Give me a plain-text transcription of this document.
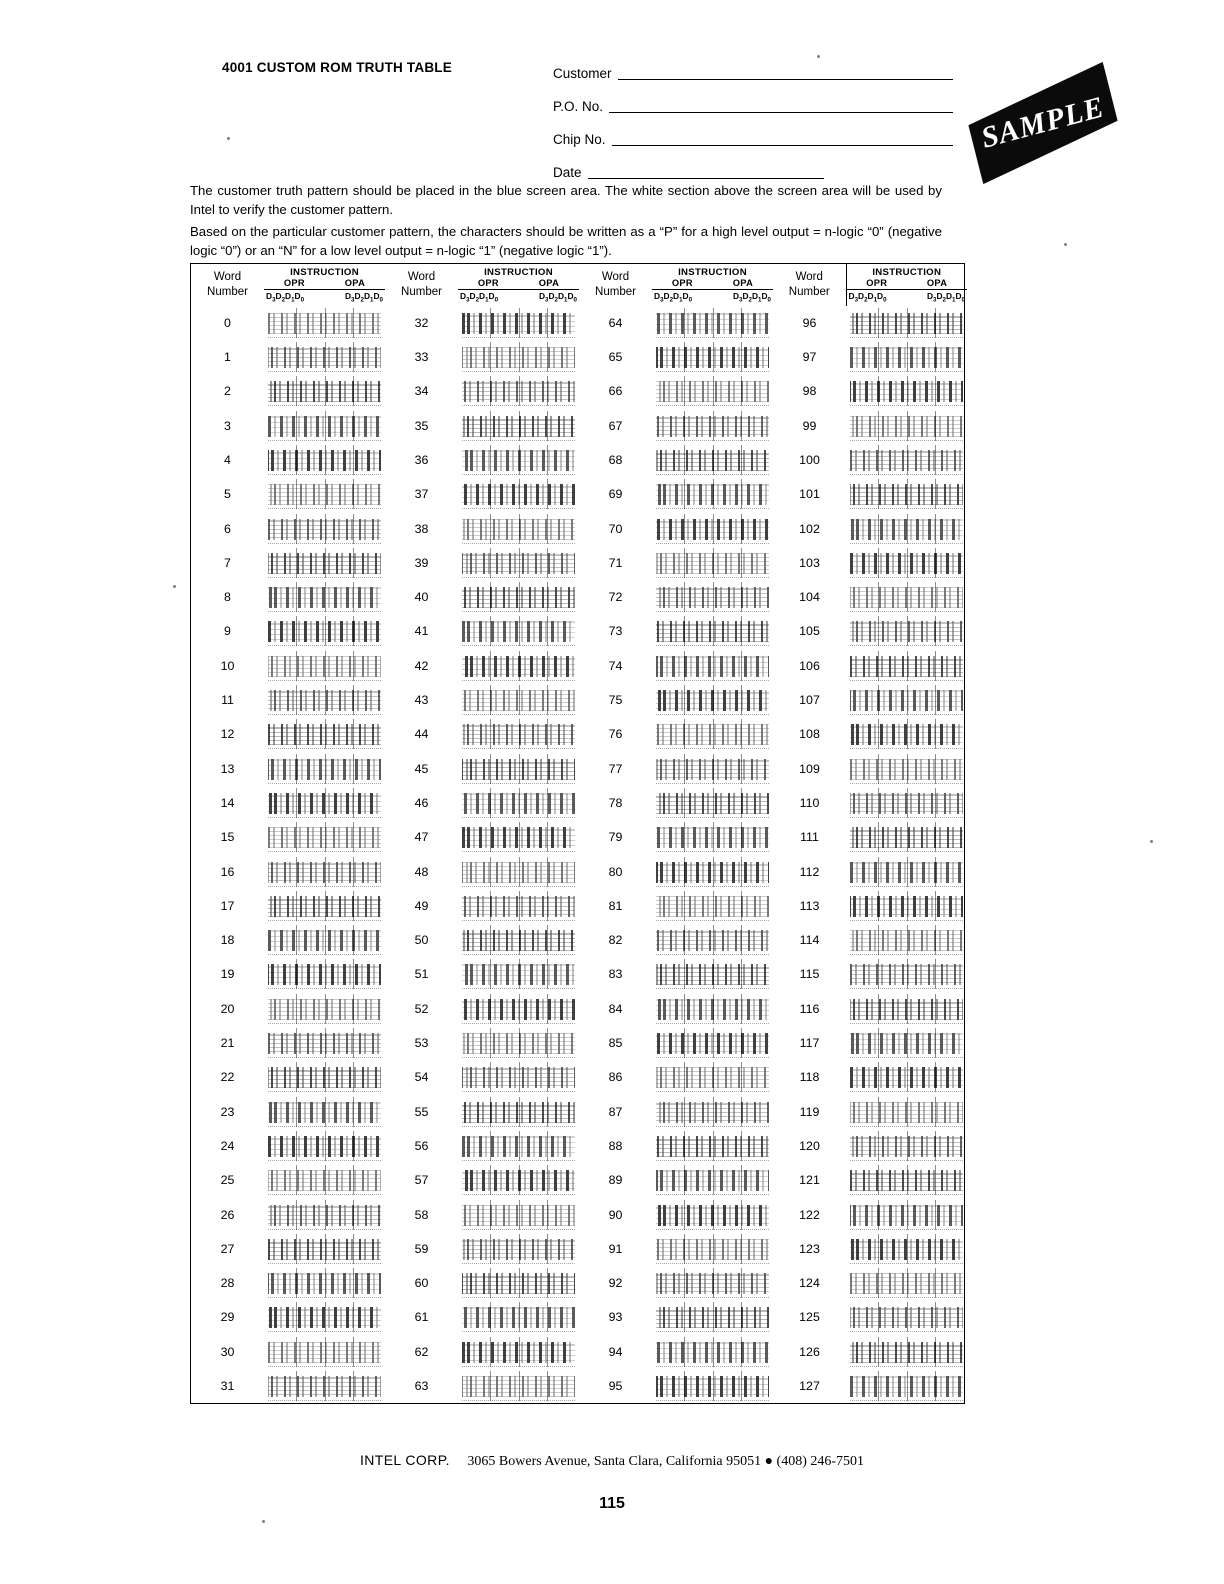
4001 CUSTOM ROM TRUTH TABLE	Customer
P.O. No.
Chip No.
Date
SAMPLE
The customer truth pattern should be placed in the blue screen area. The white section above the screen area will be used by Intel to verify the customer pattern.
Based on the particular customer pattern, the characters should be written as a “P” for a high level output = n-logic “0” (negative logic “0”) or an “N” for a low level output = n-logic “1” (negative logic “1”).
Word
Number

INSTRUCTION
OPR	OPA
$D_3D_2D_1D_0$	$D_3D_2D_1D_0$

Word
Number

INSTRUCTION
OPR	OPA
$D_3D_2D_1D_0$	$D_3D_2D_1D_0$

Word
Number

INSTRUCTION
OPR	OPA
$D_3D_2D_1D_0$	$D_3D_2D_1D_0$

Word
Number

INSTRUCTION
OPR	OPA
$D_3D_2D_1D_0$	$D_3D_2D_1D_0$

0		32		64		96	

1		33		65		97	

2		34		66		98	

3		35		67		99	

4		36		68		100	

5		37		69		101	

6		38		70		102	

7		39		71		103	

8		40		72		104	

9		41		73		105	

10		42		74		106	

11		43		75		107	

12		44		76		108	

13		45		77		109	

14		46		78		110	

15		47		79		111	

16		48		80		112	

17		49		81		113	

18		50		82		114	

19		51		83		115	

20		52		84		116	

21		53		85		117	

22		54		86		118	

23		55		87		119	

24		56		88		120	

25		57		89		121	

26		58		90		122	

27		59		91		123	

28		60		92		124	

29		61		93		125	

30		62		94		126	

31		63		95		127	
INTEL CORP. 3065 Bowers Avenue, Santa Clara, California 95051 ● (408) 246-7501
115
